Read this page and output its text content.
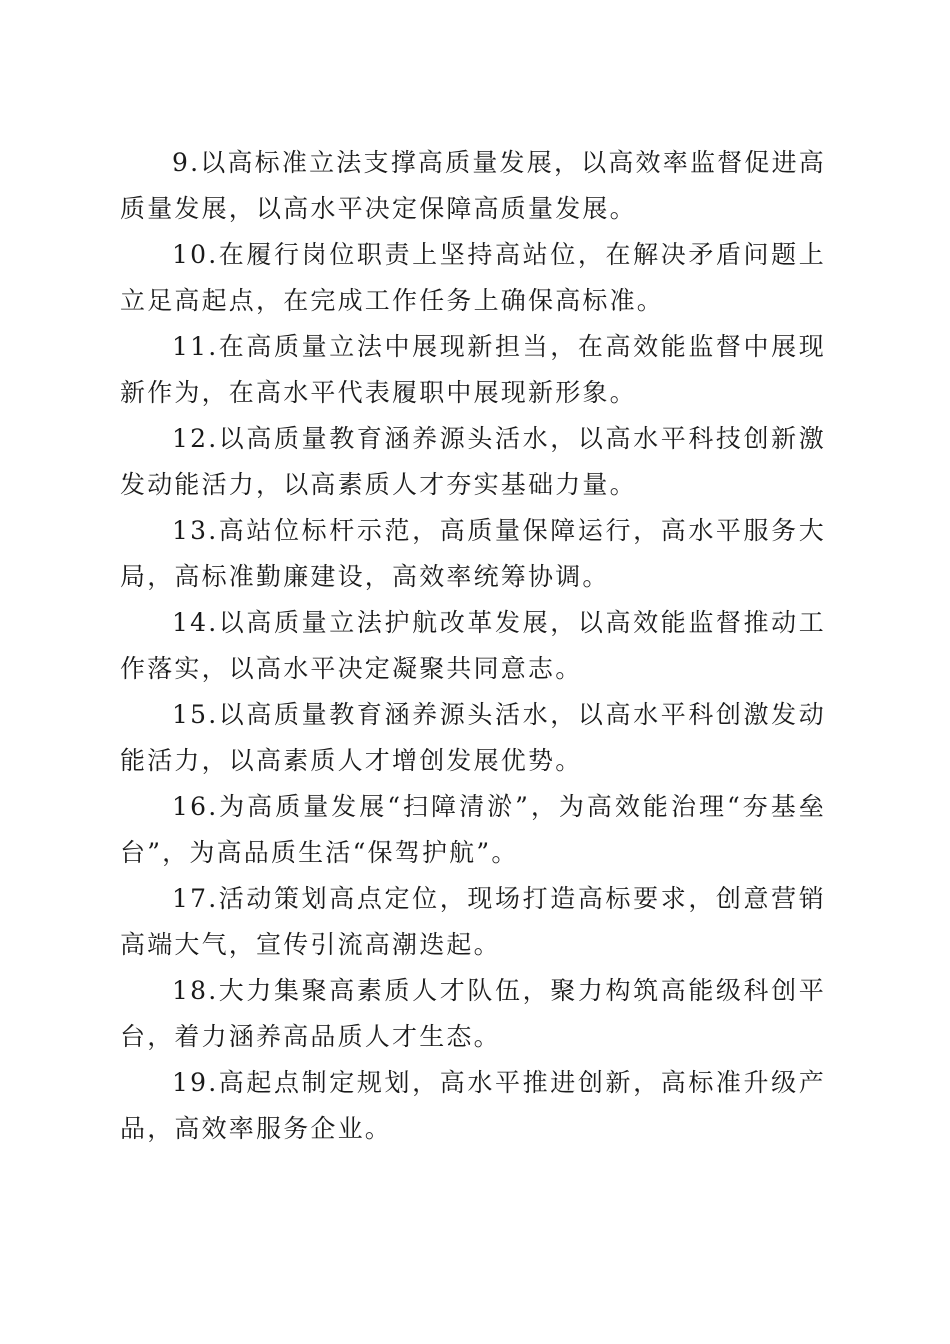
9.以高标准立法支撑高质量发展，以高效率监督促进高质量发展，以高水平决定保障高质量发展。

10.在履行岗位职责上坚持高站位，在解决矛盾问题上立足高起点，在完成工作任务上确保高标准。

11.在高质量立法中展现新担当，在高效能监督中展现新作为，在高水平代表履职中展现新形象。

12.以高质量教育涵养源头活水，以高水平科技创新激发动能活力，以高素质人才夯实基础力量。

13.高站位标杆示范，高质量保障运行，高水平服务大局，高标准勤廉建设，高效率统筹协调。

14.以高质量立法护航改革发展，以高效能监督推动工作落实，以高水平决定凝聚共同意志。

15.以高质量教育涵养源头活水，以高水平科创激发动能活力，以高素质人才增创发展优势。

16.为高质量发展“扫障清淤”，为高效能治理“夯基垒台”，为高品质生活“保驾护航”。

17.活动策划高点定位，现场打造高标要求，创意营销高端大气，宣传引流高潮迭起。

18.大力集聚高素质人才队伍，聚力构筑高能级科创平台，着力涵养高品质人才生态。

19.高起点制定规划，高水平推进创新，高标准升级产品，高效率服务企业。
